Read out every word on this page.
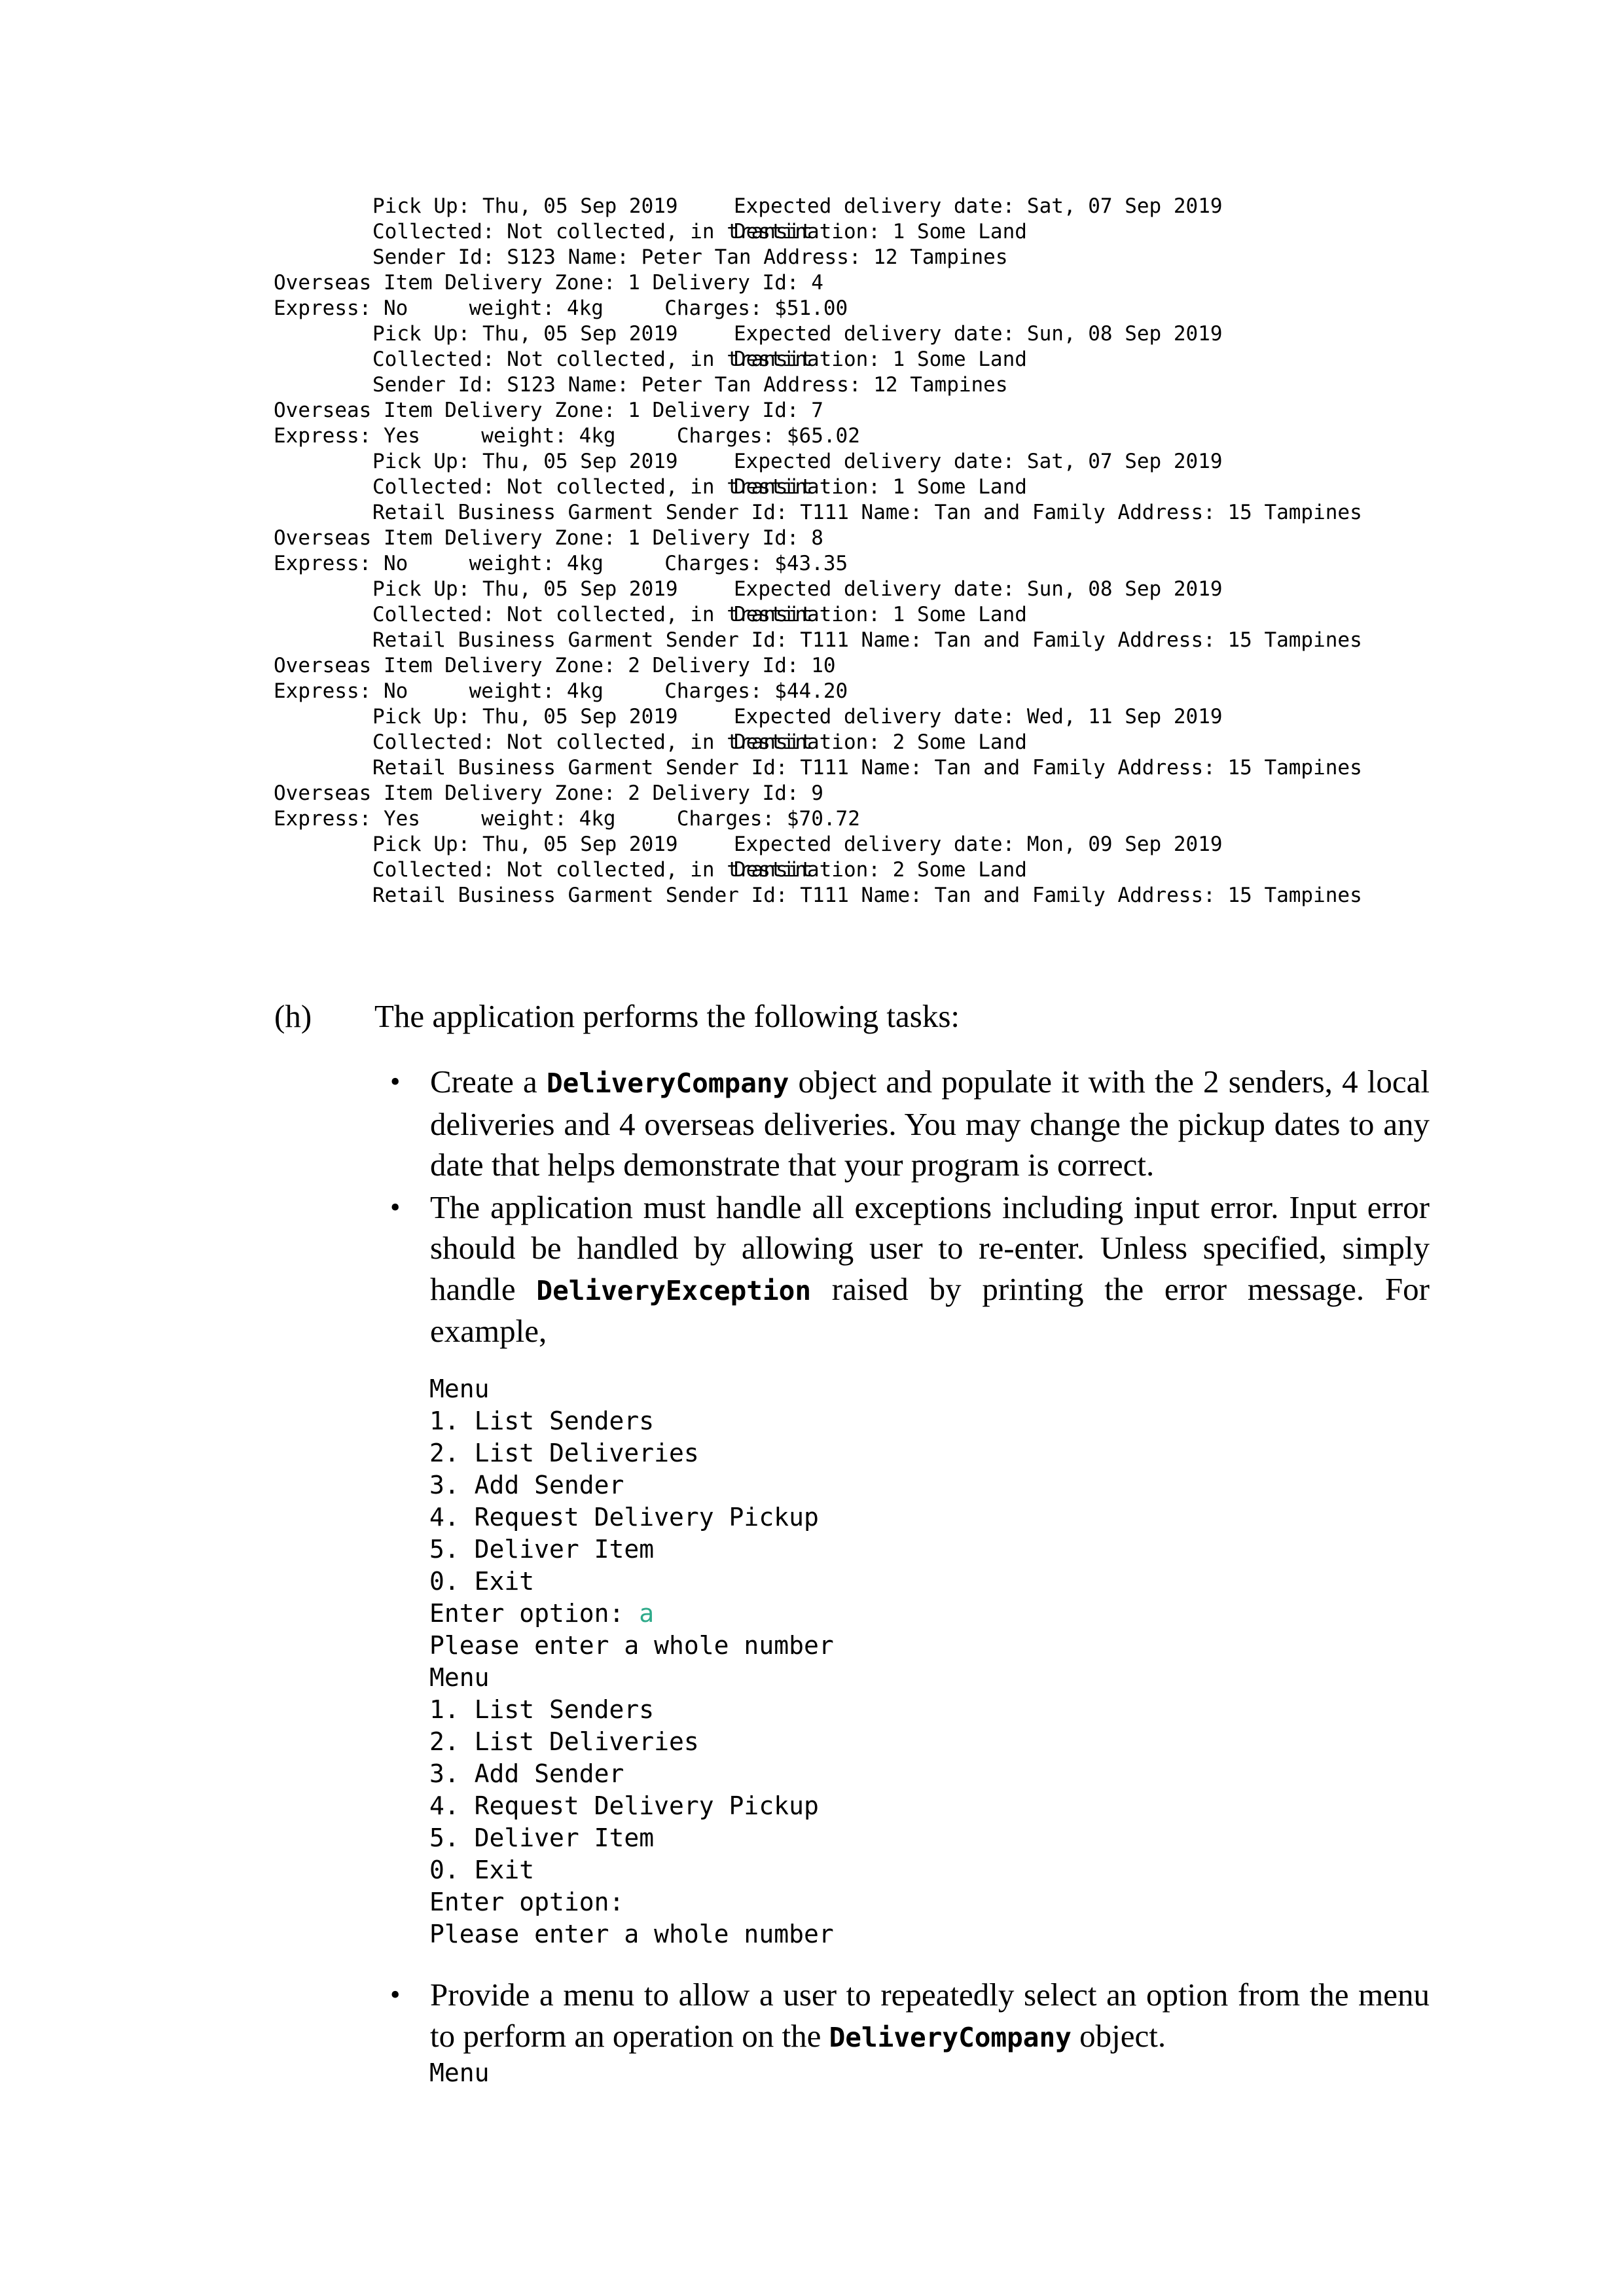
Pick Up: Thu, 05 Sep 2019	Expected delivery date: Sat, 07 Sep 2019
Collected: Not collected, in transit
Destination: 1 Some Land
Sender Id: S123 Name: Peter Tan Address: 12 Tampines
Overseas Item Delivery Zone: 1 Delivery Id: 4
Express: No     weight: 4kg     Charges: $51.00
Pick Up: Thu, 05 Sep 2019	Expected delivery date: Sun, 08 Sep 2019
Collected: Not collected, in transit
Destination: 1 Some Land
Sender Id: S123 Name: Peter Tan Address: 12 Tampines
Overseas Item Delivery Zone: 1 Delivery Id: 7
Express: Yes     weight: 4kg     Charges: $65.02
Pick Up: Thu, 05 Sep 2019	Expected delivery date: Sat, 07 Sep 2019
Collected: Not collected, in transit
Destination: 1 Some Land
Retail Business Garment Sender Id: T111 Name: Tan and Family Address: 15 Tampines
Overseas Item Delivery Zone: 1 Delivery Id: 8
Express: No     weight: 4kg     Charges: $43.35
Pick Up: Thu, 05 Sep 2019	Expected delivery date: Sun, 08 Sep 2019
Collected: Not collected, in transit
Destination: 1 Some Land
Retail Business Garment Sender Id: T111 Name: Tan and Family Address: 15 Tampines
Overseas Item Delivery Zone: 2 Delivery Id: 10
Express: No     weight: 4kg     Charges: $44.20
Pick Up: Thu, 05 Sep 2019	Expected delivery date: Wed, 11 Sep 2019
Collected: Not collected, in transit
Destination: 2 Some Land
Retail Business Garment Sender Id: T111 Name: Tan and Family Address: 15 Tampines
Overseas Item Delivery Zone: 2 Delivery Id: 9
Express: Yes     weight: 4kg     Charges: $70.72
Pick Up: Thu, 05 Sep 2019	Expected delivery date: Mon, 09 Sep 2019
Collected: Not collected, in transit
Destination: 2 Some Land
Retail Business Garment Sender Id: T111 Name: Tan and Family Address: 15 Tampines
(h) The application performs the following tasks:

• Create a DeliveryCompany object and populate it with the 2 senders, 4 local deliveries and 4 overseas deliveries. You may change the pickup dates to any date that helps demonstrate that your program is correct.

• The application must handle all exceptions including input error. Input error should be handled by allowing user to re-enter. Unless specified, simply handle DeliveryException raised by printing the error message. For example,

Menu
1. List Senders
2. List Deliveries
3. Add Sender
4. Request Delivery Pickup
5. Deliver Item
0. Exit
Enter option: a
Please enter a whole number
Menu
1. List Senders
2. List Deliveries
3. Add Sender
4. Request Delivery Pickup
5. Deliver Item
0. Exit
Enter option:
Please enter a whole number

• Provide a menu to allow a user to repeatedly select an option from the menu to perform an operation on the DeliveryCompany object.

Menu
